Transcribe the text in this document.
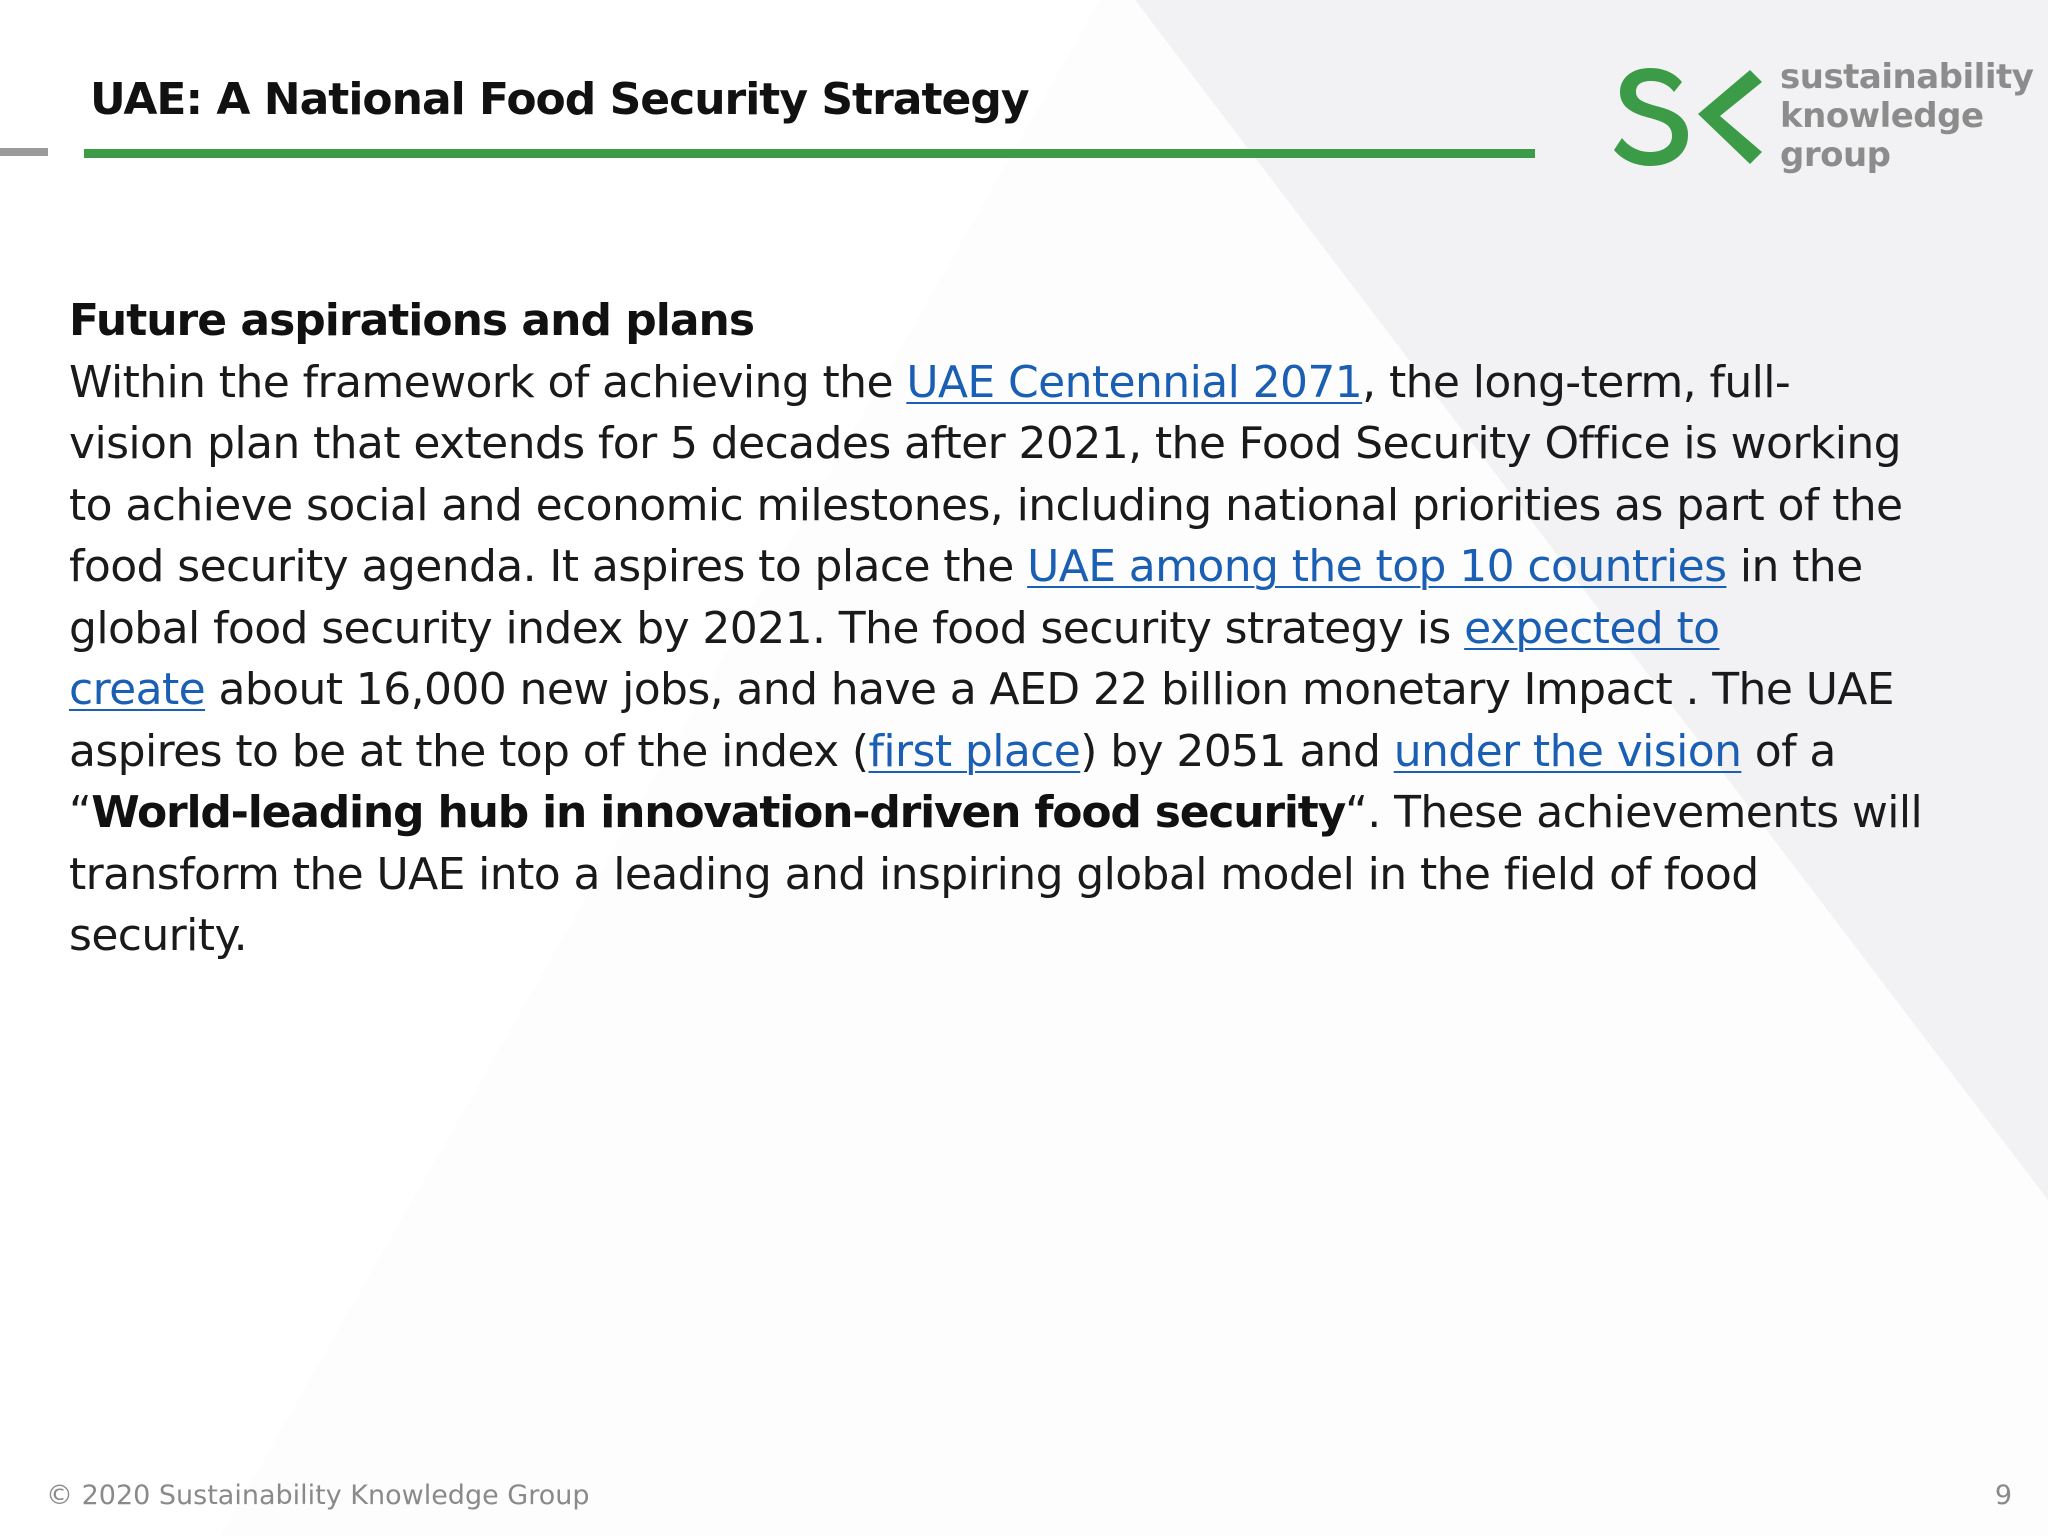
UAE: A National Food Security Strategy	sustainability
knowledge
group
Future aspirations and plans
Within the framework of achieving the UAE Centennial 2071, the long-term, full-
vision plan that extends for 5 decades after 2021, the Food Security Office is working
to achieve social and economic milestones, including national priorities as part of the
food security agenda. It aspires to place the UAE among the top 10 countries in the
global food security index by 2021. The food security strategy is expected to
create about 16,000 new jobs, and have a AED 22 billion monetary Impact . The UAE
aspires to be at the top of the index (first place) by 2051 and under the vision of a
“World-leading hub in innovation-driven food security“. These achievements will
transform the UAE into a leading and inspiring global model in the field of food
security.
© 2020 Sustainability Knowledge Group	9
